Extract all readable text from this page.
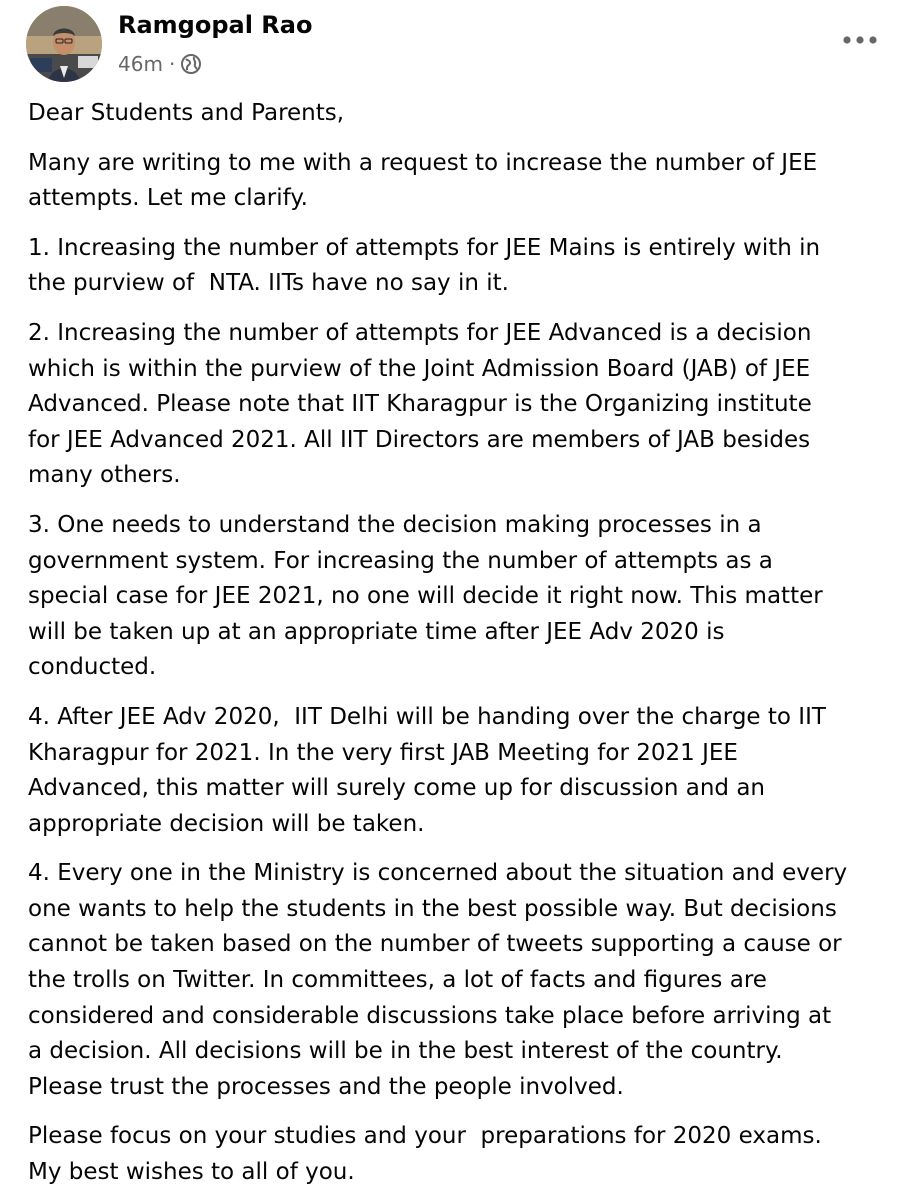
Ramgopal Rao
46m ·

Dear Students and Parents,

Many are writing to me with a request to increase the number of JEE
attempts. Let me clarify.

1. Increasing the number of attempts for JEE Mains is entirely with in
the purview of  NTA. IITs have no say in it.

2. Increasing the number of attempts for JEE Advanced is a decision
which is within the purview of the Joint Admission Board (JAB) of JEE
Advanced. Please note that IIT Kharagpur is the Organizing institute
for JEE Advanced 2021. All IIT Directors are members of JAB besides
many others.

3. One needs to understand the decision making processes in a
government system. For increasing the number of attempts as a
special case for JEE 2021, no one will decide it right now. This matter
will be taken up at an appropriate time after JEE Adv 2020 is
conducted.

4. After JEE Adv 2020,  IIT Delhi will be handing over the charge to IIT
Kharagpur for 2021. In the very first JAB Meeting for 2021 JEE
Advanced, this matter will surely come up for discussion and an
appropriate decision will be taken.

4. Every one in the Ministry is concerned about the situation and every
one wants to help the students in the best possible way. But decisions
cannot be taken based on the number of tweets supporting a cause or
the trolls on Twitter. In committees, a lot of facts and figures are
considered and considerable discussions take place before arriving at
a decision. All decisions will be in the best interest of the country.
Please trust the processes and the people involved.

Please focus on your studies and your  preparations for 2020 exams.
My best wishes to all of you.
